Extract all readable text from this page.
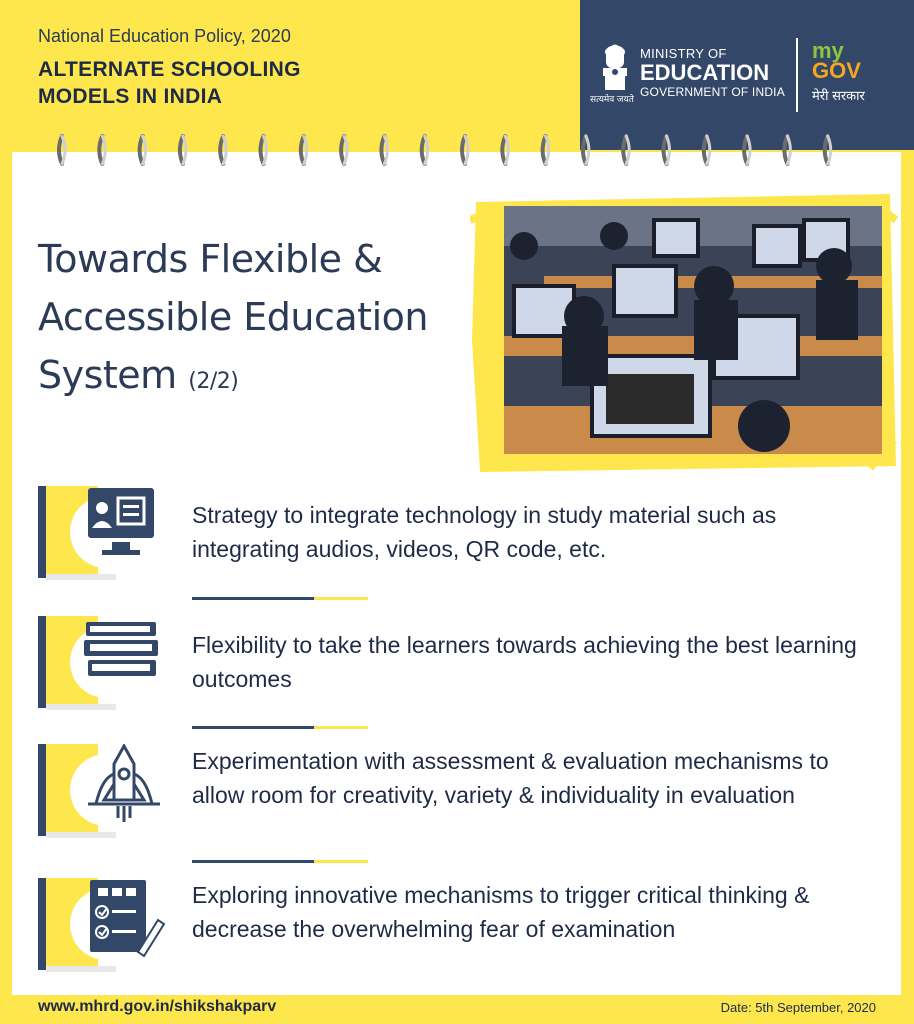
National Education Policy, 2020
ALTERNATE SCHOOLING
MODELS IN INDIA	सत्यमेव जयते
MINISTRY OF
EDUCATION
GOVERNMENT OF INDIA
my
GOV
मेरी सरकार
Towards Flexible & Accessible Education System (2/2)
Strategy to integrate technology in study material such as integrating audios, videos, QR code, etc.
Flexibility to take the learners towards achieving the best learning outcomes
Experimentation with assessment & evaluation mechanisms to allow room for creativity, variety & individuality in evaluation
Exploring innovative mechanisms to trigger critical thinking & decrease the overwhelming fear of examination
www.mhrd.gov.in/shikshakparv	Date: 5th September, 2020
